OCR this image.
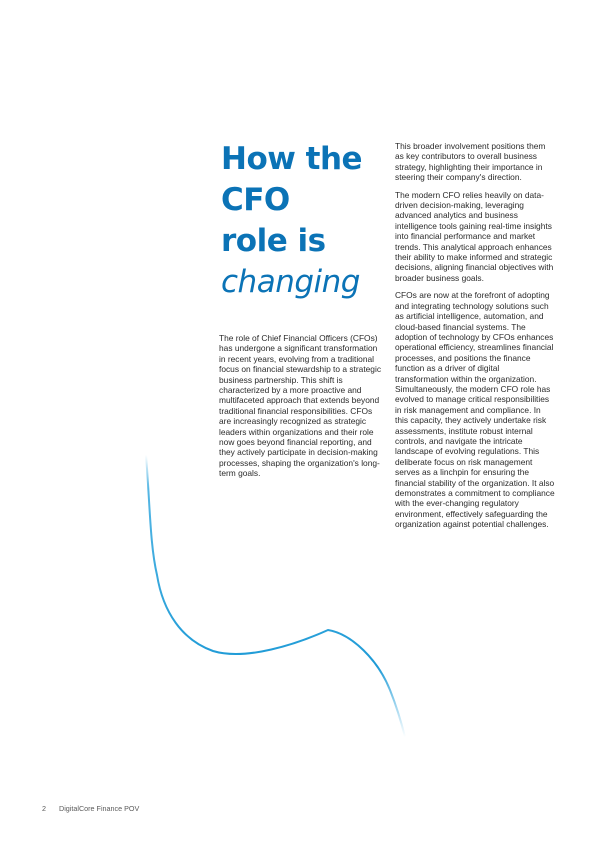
How the
CFO
role is
changing

The role of Chief Financial Officers (CFOs) has undergone a significant transformation in recent years, evolving from a traditional focus on financial stewardship to a strategic business partnership. This shift is characterized by a more proactive and multifaceted approach that extends beyond traditional financial responsibilities. CFOs are increasingly recognized as strategic leaders within organizations and their role now goes beyond financial reporting, and they actively participate in decision-making processes, shaping the organization's long-term goals.

This broader involvement positions them as key contributors to overall business strategy, highlighting their importance in steering their company's direction.

The modern CFO relies heavily on data-driven decision-making, leveraging advanced analytics and business intelligence tools gaining real-time insights into financial performance and market trends. This analytical approach enhances their ability to make informed and strategic decisions, aligning financial objectives with broader business goals.

CFOs are now at the forefront of adopting and integrating technology solutions such as artificial intelligence, automation, and cloud-based financial systems. The adoption of technology by CFOs enhances operational efficiency, streamlines financial processes, and positions the finance function as a driver of digital transformation within the organization. Simultaneously, the modern CFO role has evolved to manage critical responsibilities in risk management and compliance. In this capacity, they actively undertake risk assessments, institute robust internal controls, and navigate the intricate landscape of evolving regulations. This deliberate focus on risk management serves as a linchpin for ensuring the financial stability of the organization. It also demonstrates a commitment to compliance with the ever-changing regulatory environment, effectively safeguarding the organization against potential challenges.

2 DigitalCore Finance POV
